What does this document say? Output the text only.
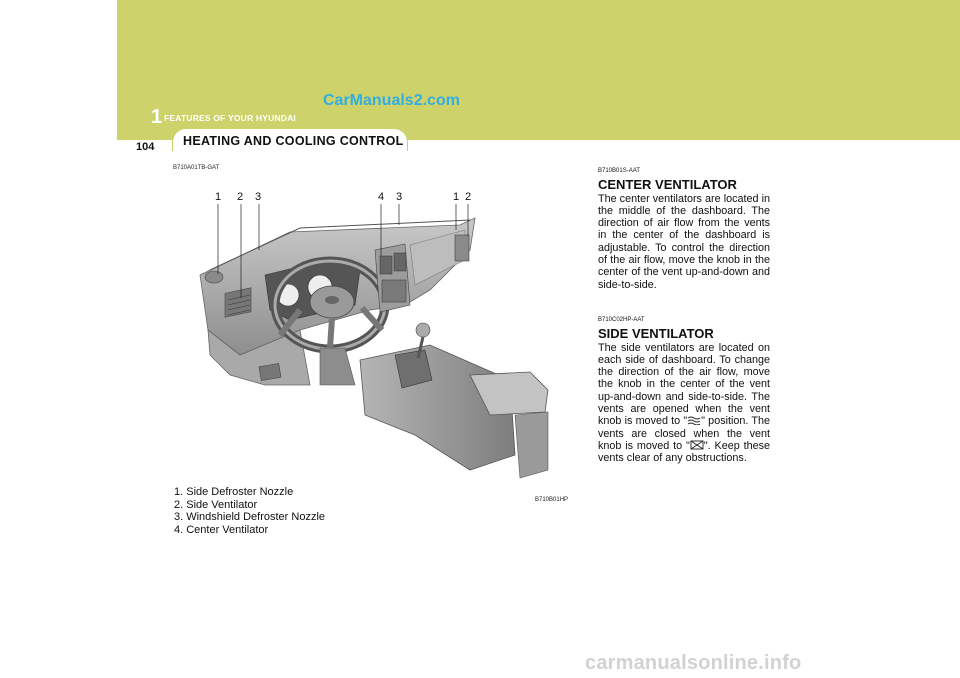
CarManuals2.com
1 FEATURES OF YOUR HYUNDAI
HEATING AND COOLING CONTROL
104
B710A01TB-GAT
1 2 3	4 3	1 2
B710B01HP
1. Side Defroster Nozzle
2. Side Ventilator
3. Windshield Defroster Nozzle
4. Center Ventilator
B710B01S-AAT
CENTER VENTILATOR

The center ventilators are located in the middle of the dashboard. The direction of air flow from the vents in the center of the dashboard is adjustable. To control the direction of the air flow, move the knob in the center of the vent up-and-down and side-to-side.

B710C02HP-AAT
SIDE VENTILATOR

The side ventilators are located on each side of dashboard. To change the direction of the air flow, move the knob in the center of the vent up-and-down and side-to-side. The vents are opened when the vent knob is moved to " " position. The vents are closed when the vent knob is moved to " ". Keep these vents clear of any obstructions.

carmanualsonline.info
